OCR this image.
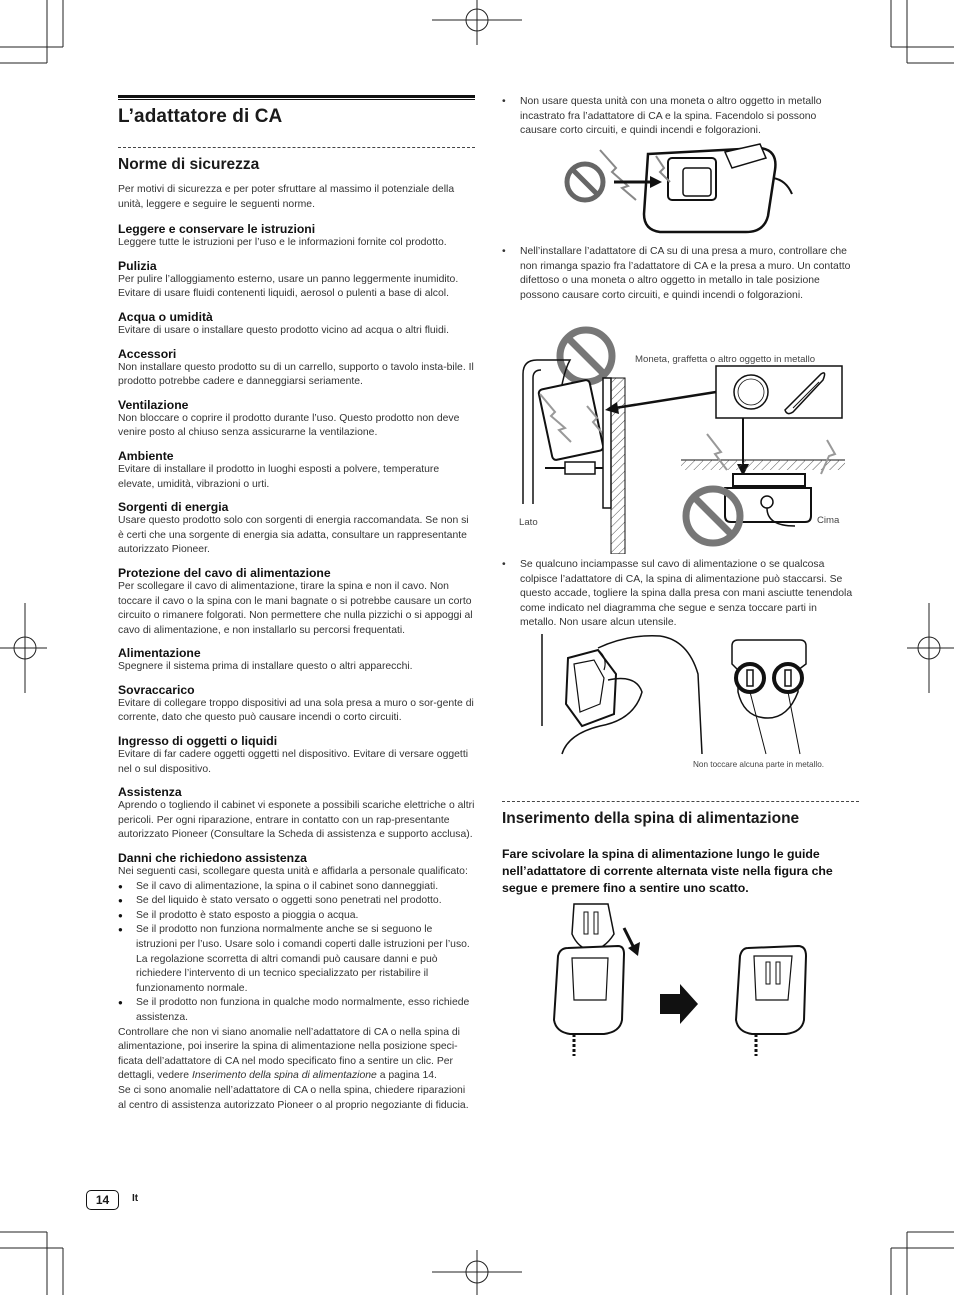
L’adattatore di CA
Norme di sicurezza

Per motivi di sicurezza e per poter sfruttare al massimo il potenziale della unità, leggere e seguire le seguenti norme.

Leggere e conservare le istruzioni

Leggere tutte le istruzioni per l’uso e le informazioni fornite col prodotto.

Pulizia

Per pulire l’alloggiamento esterno, usare un panno leggermente inumidito. Evitare di usare fluidi contenenti liquidi, aerosol o pulenti a base di alcol.

Acqua o umidità

Evitare di usare o installare questo prodotto vicino ad acqua o altri fluidi.

Accessori

Non installare questo prodotto su di un carrello, supporto o tavolo insta-bile. Il prodotto potrebbe cadere e danneggiarsi seriamente.

Ventilazione

Non bloccare o coprire il prodotto durante l’uso. Questo prodotto non deve venire posto al chiuso senza assicurarne la ventilazione.

Ambiente

Evitare di installare il prodotto in luoghi esposti a polvere, temperature elevate, umidità, vibrazioni o urti.

Sorgenti di energia

Usare questo prodotto solo con sorgenti di energia raccomandata. Se non si è certi che una sorgente di energia sia adatta, consultare un rappresentante autorizzato Pioneer.

Protezione del cavo di alimentazione

Per scollegare il cavo di alimentazione, tirare la spina e non il cavo. Non toccare il cavo o la spina con le mani bagnate o si potrebbe causare un corto circuito o rimanere folgorati. Non permettere che nulla pizzichi o si appoggi al cavo di alimentazione, e non installarlo su percorsi frequentati.

Alimentazione

Spegnere il sistema prima di installare questo o altri apparecchi.

Sovraccarico

Evitare di collegare troppo dispositivi ad una sola presa a muro o sor-gente di corrente, dato che questo può causare incendi o corto circuiti.

Ingresso di oggetti o liquidi

Evitare di far cadere oggetti oggetti nel dispositivo. Evitare di versare oggetti nel o sul dispositivo.

Assistenza

Aprendo o togliendo il cabinet vi esponete a possibili scariche elettriche o altri pericoli. Per ogni riparazione, entrare in contatto con un rap-presentante autorizzato Pioneer (Consultare la Scheda di assistenza e supporto acclusa).

Danni che richiedono assistenza

Nei seguenti casi, scollegare questa unità e affidarla a personale qualificato:

● Se il cavo di alimentazione, la spina o il cabinet sono danneggiati.
● Se del liquido è stato versato o oggetti sono penetrati nel prodotto.
● Se il prodotto è stato esposto a pioggia o acqua.
● Se il prodotto non funziona normalmente anche se si seguono le istruzioni per l’uso. Usare solo i comandi coperti dalle istruzioni per l’uso. La regolazione scorretta di altri comandi può causare danni e può richiedere l’intervento di un tecnico specializzato per ristabilire il funzionamento normale.
● Se il prodotto non funziona in qualche modo normalmente, esso richiede assistenza.

Controllare che non vi siano anomalie nell’adattatore di CA o nella spina di alimentazione, poi inserire la spina di alimentazione nella posizione speci-ficata dell’adattatore di CA nel modo specificato fino a sentire un clic. Per dettagli, vedere Inserimento della spina di alimentazione a pagina 14.

Se ci sono anomalie nell’adattatore di CA o nella spina, chiedere riparazioni al centro di assistenza autorizzato Pioneer o al proprio negoziante di fiducia.

• Non usare questa unità con una moneta o altro oggetto in metallo incastrato fra l’adattatore di CA e la spina. Facendolo si possono causare corto circuiti, e quindi incendi e folgorazioni.
• Nell’installare l’adattatore di CA su di una presa a muro, controllare che non rimanga spazio fra l’adattatore di CA e la presa a muro. Un contatto difettoso o una moneta o altro oggetto in metallo in tale posizione possono causare corto circuiti, e quindi incendi o folgorazioni.
Moneta, graffetta o altro oggetto in metallo
Lato	Cima
• Se qualcuno inciampasse sul cavo di alimentazione o se qualcosa colpisce l’adattatore di CA, la spina di alimentazione può staccarsi. Se questo accade, togliere la spina dalla presa con mani asciutte tenendola come indicato nel diagramma che segue e senza toccare parti in metallo. Non usare alcun utensile.
Non toccare alcuna parte in metallo.
Inserimento della spina di alimentazione
Fare scivolare la spina di alimentazione lungo le guide nell’adattatore di corrente alternata viste nella figura che segue e premere fino a sentire uno scatto.
14	It
